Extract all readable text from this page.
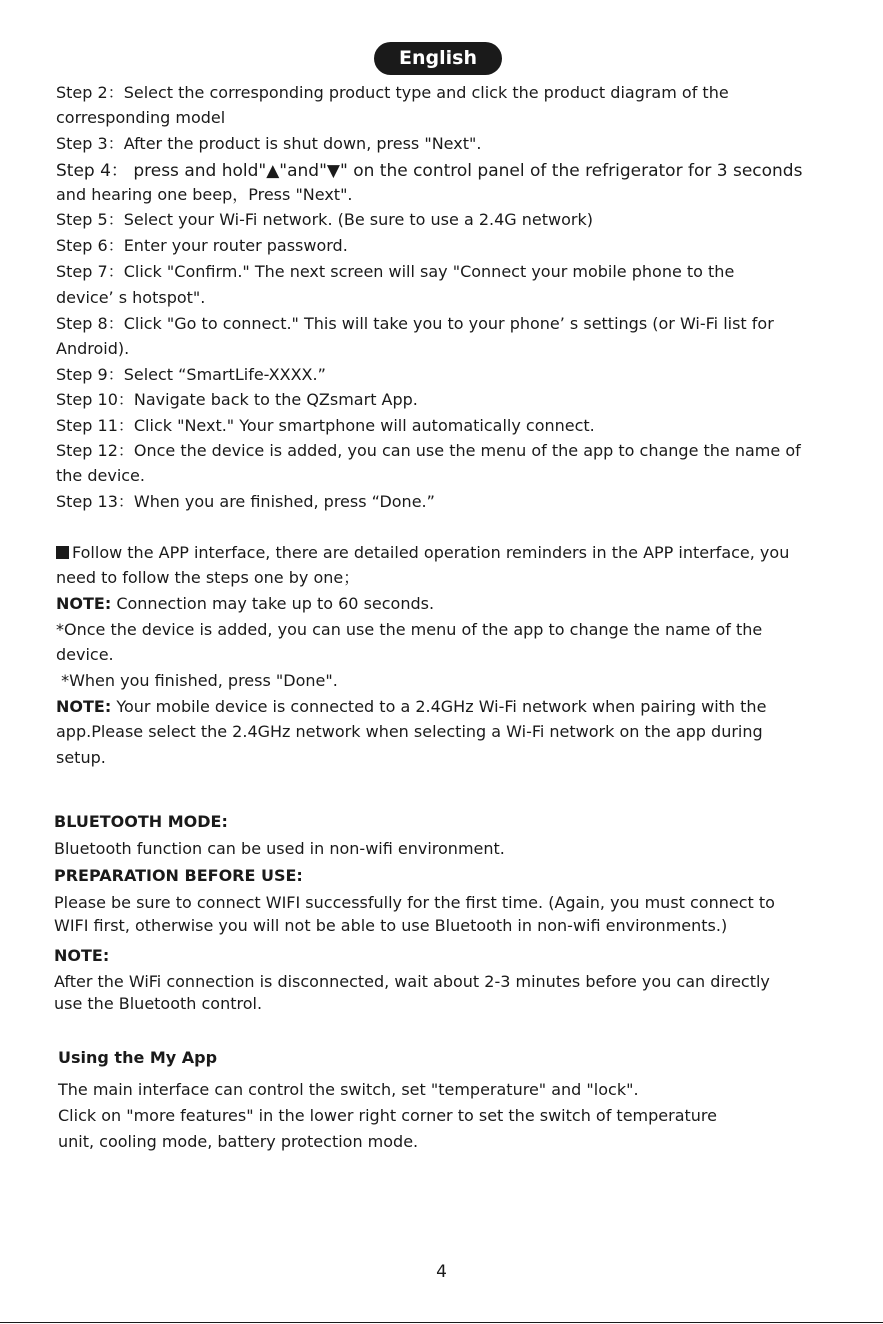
English
Step 2：Select the corresponding product type and click the product diagram of the
corresponding model
Step 3：After the product is shut down, press "Next".
Step 4： press and hold"▲"and"▼" on the control panel of the refrigerator for 3 seconds
and hearing one beep，Press "Next".
Step 5：Select your Wi-Fi network. (Be sure to use a 2.4G network)
Step 6：Enter your router password.
Step 7：Click "Confirm." The next screen will say "Connect your mobile phone to the
device’ s hotspot".
Step 8：Click "Go to connect." This will take you to your phone’ s settings (or Wi-Fi list for
Android).
Step 9：Select “SmartLife-XXXX.”
Step 10：Navigate back to the QZsmart App.
Step 11：Click "Next." Your smartphone will automatically connect.
Step 12：Once the device is added, you can use the menu of the app to change the name of
the device.
Step 13：When you are finished, press “Done.”
Follow the APP interface, there are detailed operation reminders in the APP interface, you
need to follow the steps one by one；
NOTE: Connection may take up to 60 seconds.
*Once the device is added, you can use the menu of the app to change the name of the
device.
*When you finished, press "Done".
NOTE: Your mobile device is connected to a 2.4GHz Wi-Fi network when pairing with the
app.Please select the 2.4GHz network when selecting a Wi-Fi network on the app during
setup.
BLUETOOTH MODE:
Bluetooth function can be used in non-wifi environment.
PREPARATION BEFORE USE:
Please be sure to connect WIFI successfully for the first time. (Again, you must connect to
WIFI first, otherwise you will not be able to use Bluetooth in non-wifi environments.)
NOTE:
After the WiFi connection is disconnected, wait about 2-3 minutes before you can directly
use the Bluetooth control.
Using the My App
The main interface can control the switch, set "temperature" and "lock".
Click on "more features" in the lower right corner to set the switch of temperature
unit, cooling mode, battery protection mode.
4
